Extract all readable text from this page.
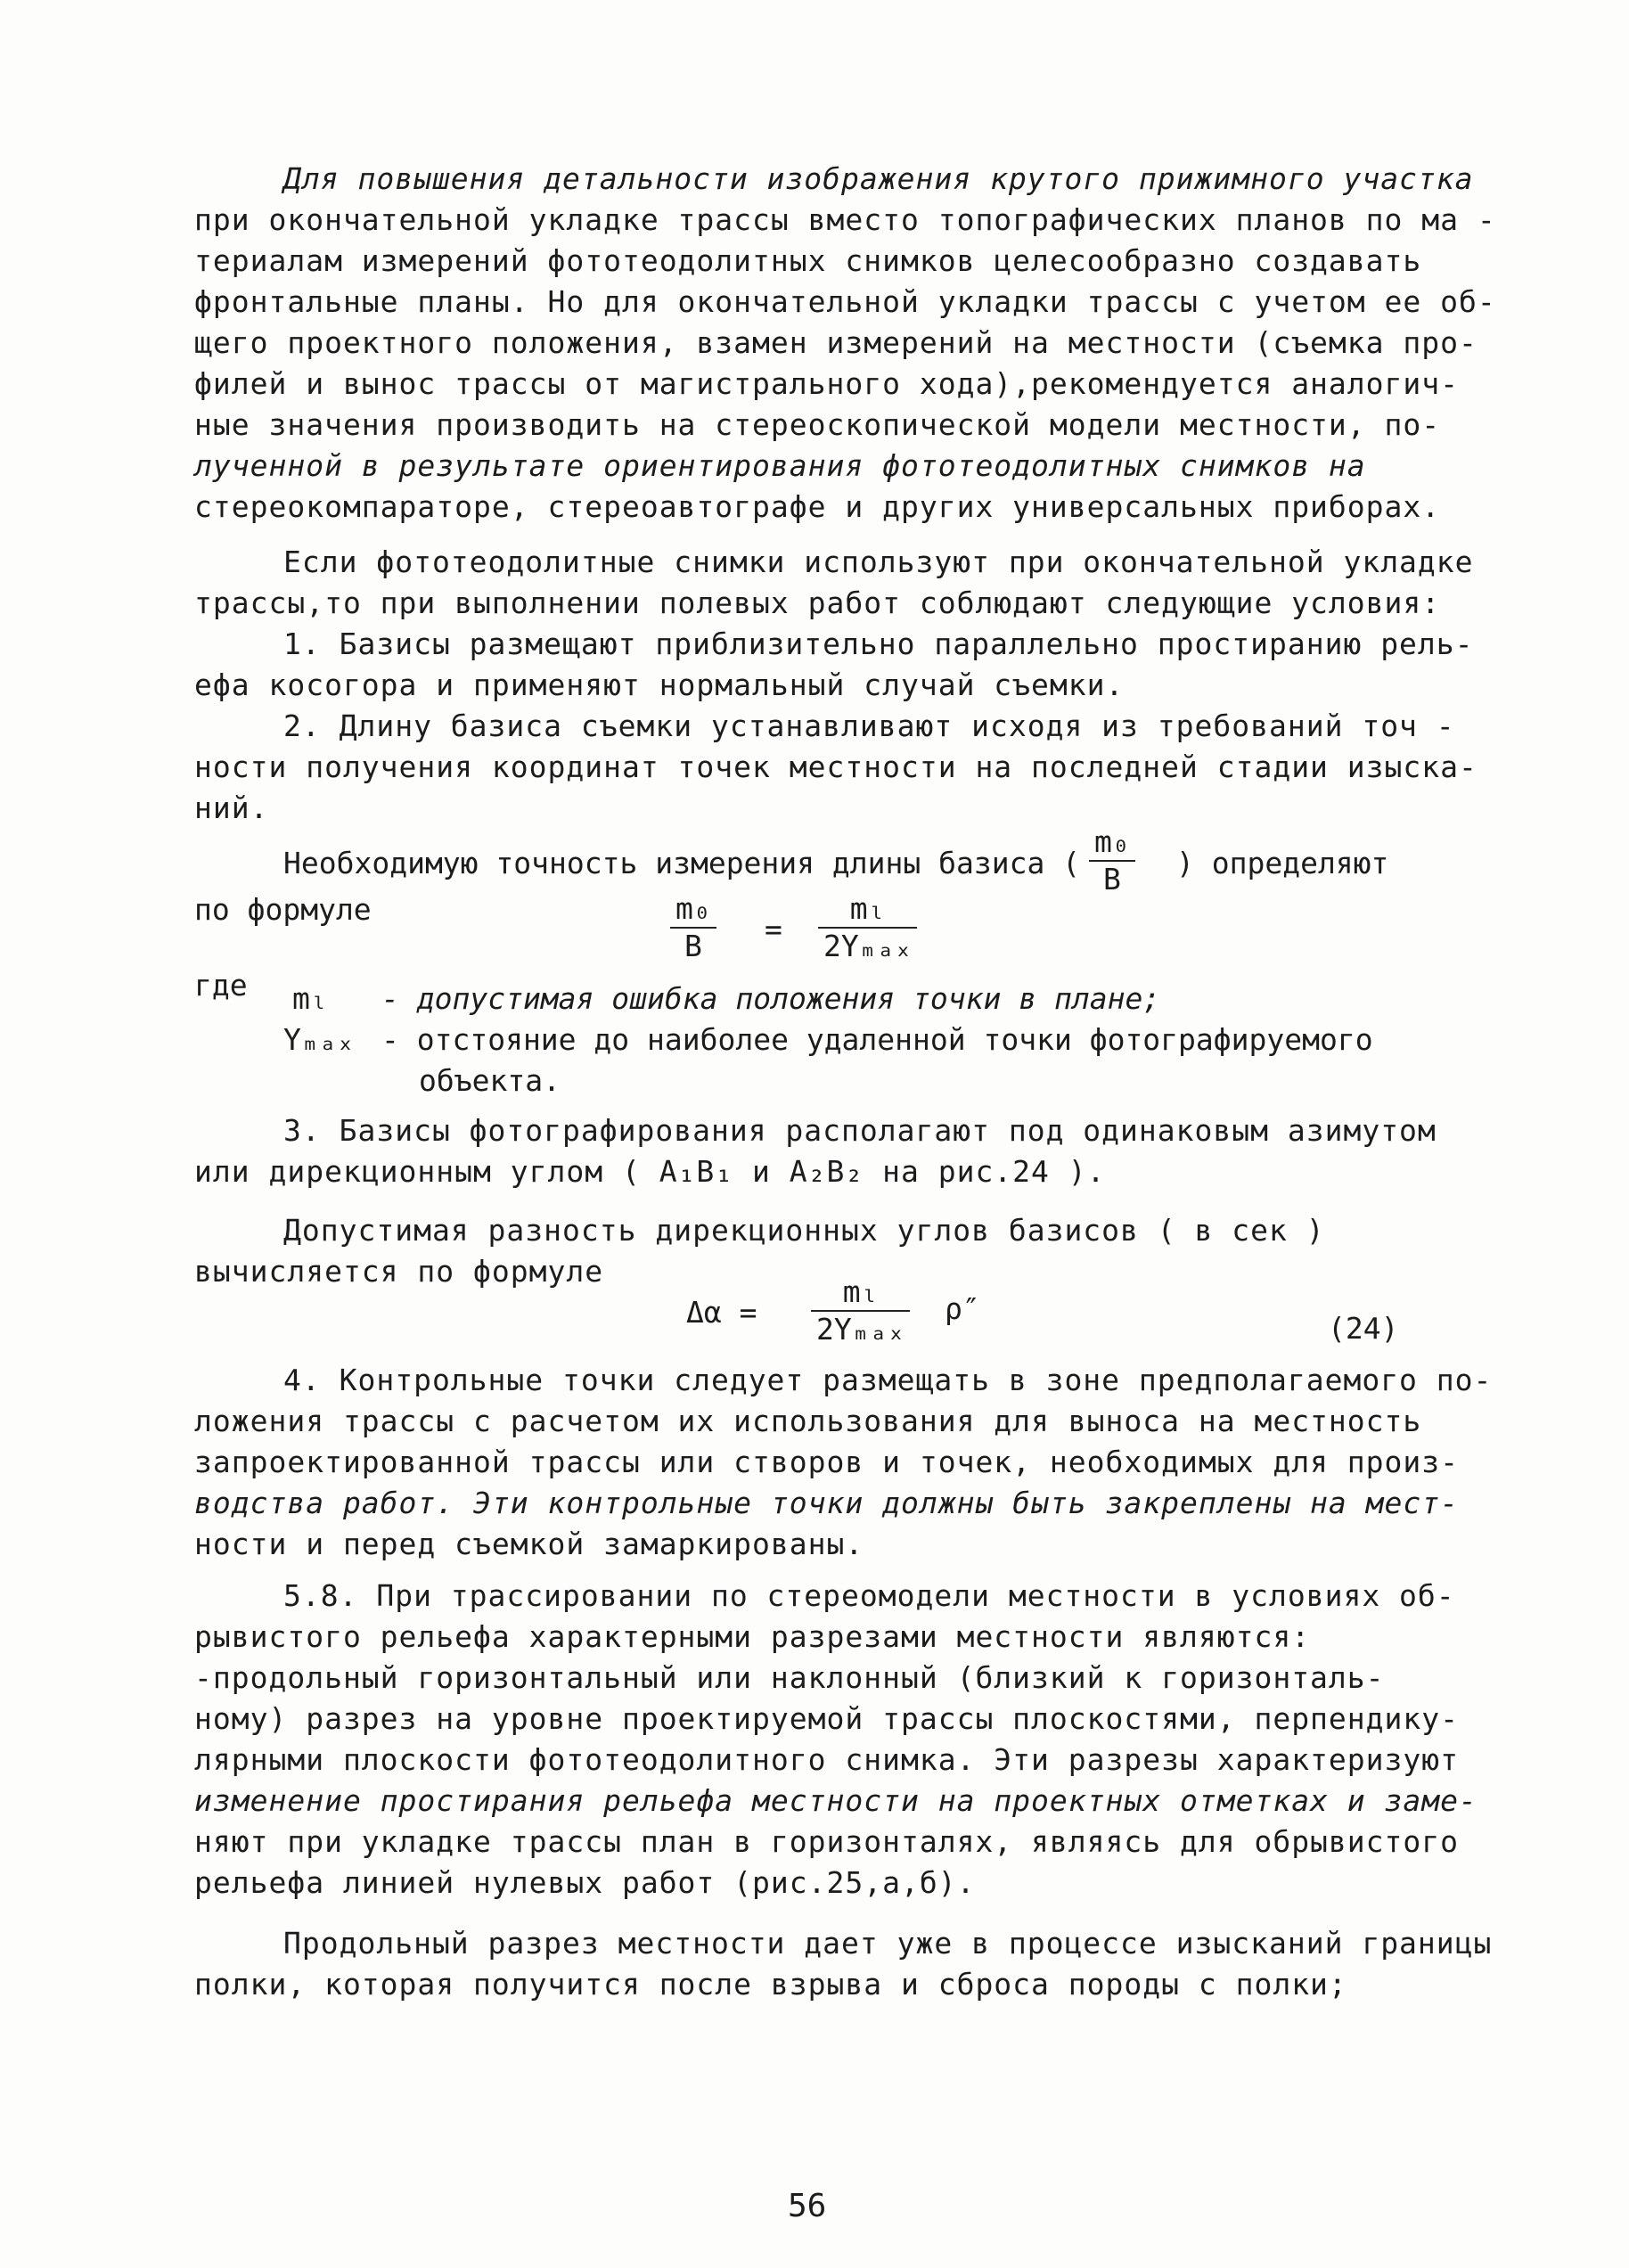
Для повышения детальности изображения крутого прижимного участка
при окончательной укладке трассы вместо топографических планов по ма -
териалам измерений фототеодолитных снимков целесообразно создавать
фронтальные планы. Но для окончательной укладки трассы с учетом ее об-
щего проектного положения, взамен измерений на местности (съемка про-
филей и вынос трассы от магистрального хода),рекомендуется аналогич-
ные значения производить на стереоскопической модели местности, по-
лученной в результате ориентирования фототеодолитных снимков на
стереокомпараторе, стереоавтографе и других универсальных приборах.
Если фототеодолитные снимки используют при окончательной укладке
трассы,то при выполнении полевых работ соблюдают следующие условия:
1. Базисы размещают приблизительно параллельно простиранию рель-
ефа косогора и применяют нормальный случай съемки.
2. Длину базиса съемки устанавливают исходя из требований точ -
ности получения координат точек местности на последней стадии изыска-
ний.
Необходимую точность измерения длины базиса ( $\frac{\text{m₀}}{B}$ ) определяют
по формуле	$\frac{\text{m₀}}{B}$ =
mₗ
2Yₘₐₓ
где mₗ - допустимая ошибка положения точки в плане;
Yₘₐₓ - отстояние до наиболее удаленной точки фотографируемого
объекта.
3. Базисы фотографирования располагают под одинаковым азимутом
или дирекционным углом ( A₁B₁ и A₂B₂ на рис.24 ).
Допустимая разность дирекционных углов базисов ( в сек )
вычисляется по формуле
Δα =
mₗ
2Yₘₐₓ
ρ″
(24)
4. Контрольные точки следует размещать в зоне предполагаемого по-
ложения трассы с расчетом их использования для выноса на местность
запроектированной трассы или створов и точек, необходимых для произ-
водства работ. Эти контрольные точки должны быть закреплены на мест-
ности и перед съемкой замаркированы.
5.8. При трассировании по стереомодели местности в условиях об-
рывистого рельефа характерными разрезами местности являются:
-продольный горизонтальный или наклонный (близкий к горизонталь-
ному) разрез на уровне проектируемой трассы плоскостями, перпендику-
лярными плоскости фототеодолитного снимка. Эти разрезы характеризуют
изменение простирания рельефа местности на проектных отметках и заме-
няют при укладке трассы план в горизонталях, являясь для обрывистого
рельефа линией нулевых работ (рис.25,а,б).
Продольный разрез местности дает уже в процессе изысканий границы
полки, которая получится после взрыва и сброса породы с полки;
56
